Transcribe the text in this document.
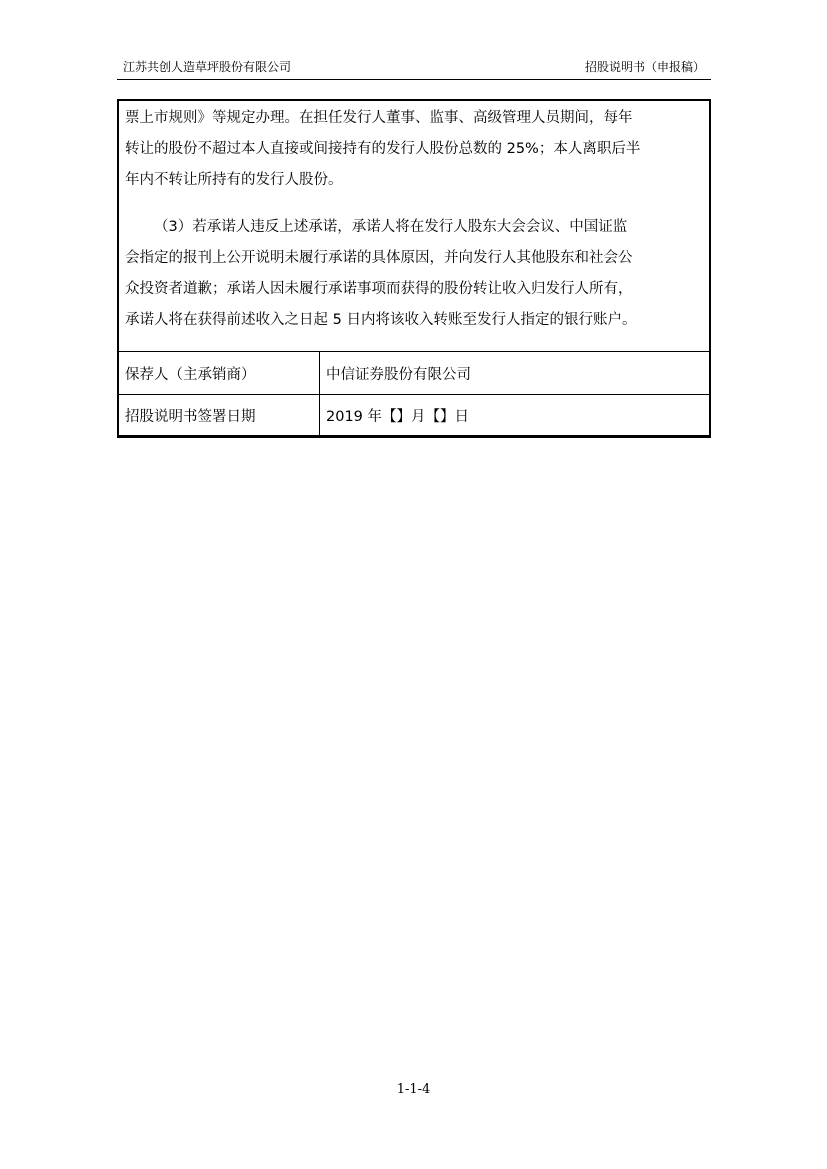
江苏共创人造草坪股份有限公司	招股说明书（申报稿）
票上市规则》等规定办理。在担任发行人董事、监事、高级管理人员期间，每年
转让的股份不超过本人直接或间接持有的发行人股份总数的 25%；本人离职后半
年内不转让所持有的发行人股份。
（3）若承诺人违反上述承诺，承诺人将在发行人股东大会会议、中国证监
会指定的报刊上公开说明未履行承诺的具体原因，并向发行人其他股东和社会公
众投资者道歉；承诺人因未履行承诺事项而获得的股份转让收入归发行人所有，
承诺人将在获得前述收入之日起 5 日内将该收入转账至发行人指定的银行账户。
保荐人（主承销商）	中信证券股份有限公司
招股说明书签署日期	2019 年【】月【】日
1-1-4
